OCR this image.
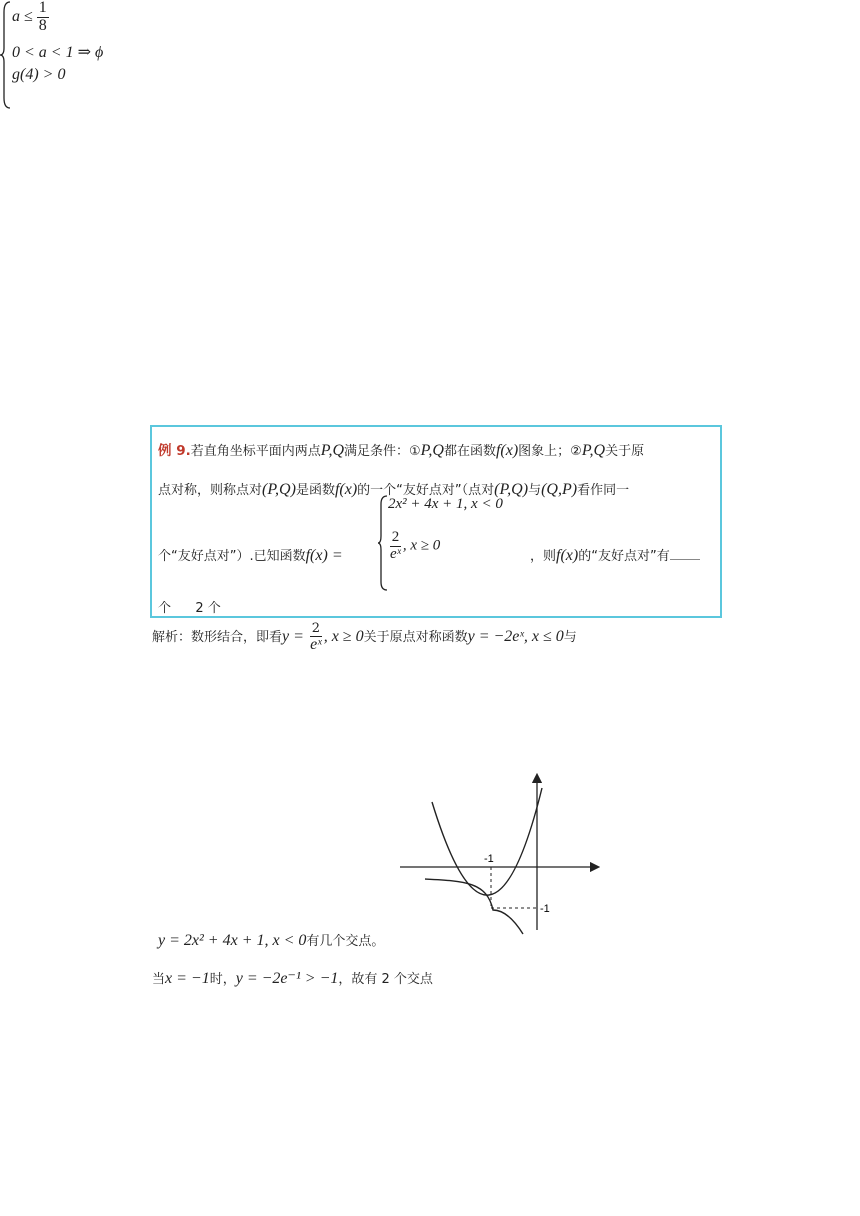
$a \le \frac{1}{8}$
0 < a < 1 ⇒ ϕ
g(4) > 0
例 9.若直角坐标平面内两点P,Q满足条件：①P,Q都在函数f(x)图象上；②P,Q关于原
点对称，则称点对(P,Q)是函数f(x)的一个“友好点对”（点对(P,Q)与(Q,P)看作同一
个“友好点对”）.已知函数f(x) =
2x² + 4x + 1, x < 0
$\frac{2}{\text{eˣ}}$ , x ≥ 0
，则f(x)的“友好点对”有
个 2 个
解析：数形结合，即看$y = \frac{2}{\text{eˣ}}$ , x ≥ 0关于原点对称函数y = −2eˣ, x ≤ 0与
-1
-1
y = 2x² + 4x + 1, x < 0有几个交点。
当x = −1时，y = −2e⁻¹ > −1，故有 2 个交点
